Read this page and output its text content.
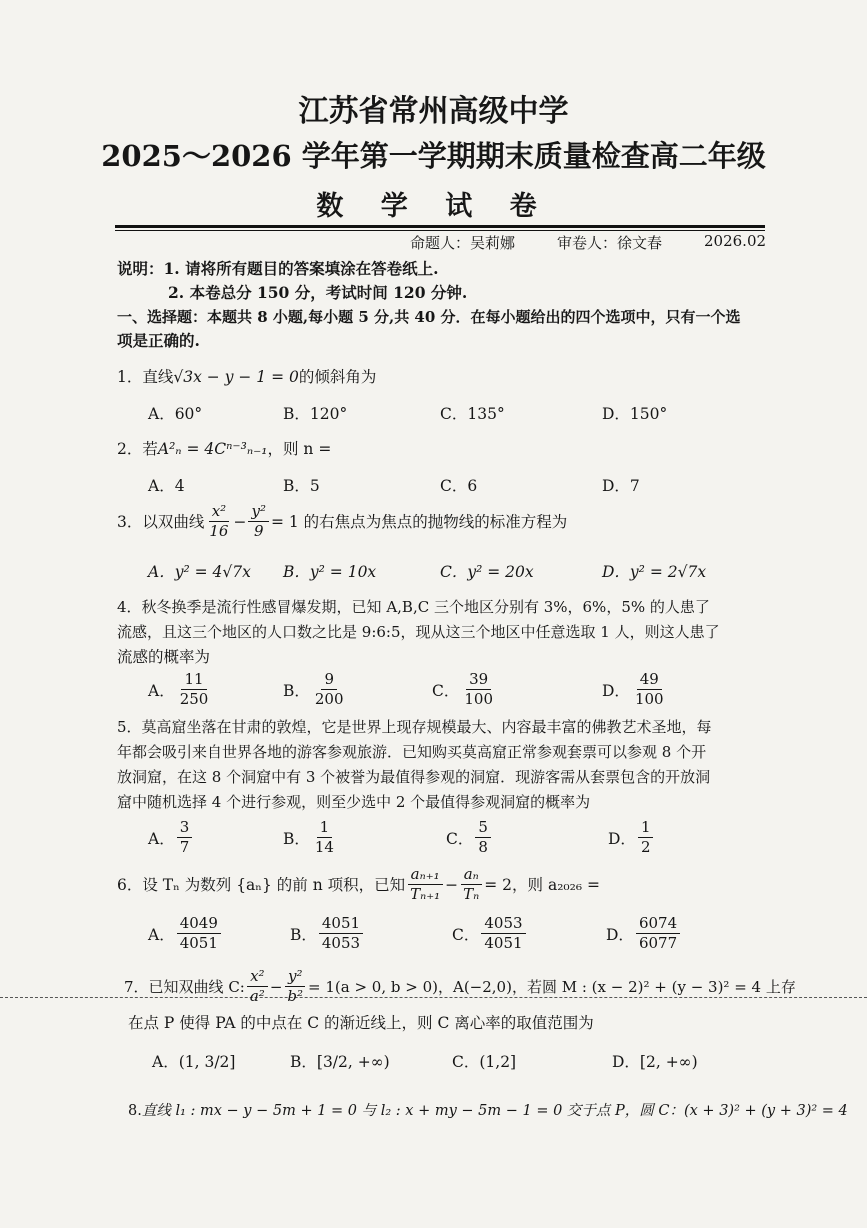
江苏省常州高级中学
2025～2026 学年第一学期期末质量检查高二年级
数 学 试 卷
命题人：吴莉娜	审卷人：徐文春	2026.02
说明：1. 请将所有题目的答案填涂在答卷纸上.
2. 本卷总分 150 分，考试时间 120 分钟.
一、选择题：本题共 8 小题,每小题 5 分,共 40 分．在每小题给出的四个选项中，只有一个选
项是正确的.
1． 直线 √3x − y − 1 = 0 的倾斜角为
A．60°	B．120°	C．135°	D．150°
2． 若 A²ₙ = 4Cⁿ⁻³ₙ₋₁ ，则 n =
A．4	B．5	C．6	D．7
3． 以双曲线 $\frac{\text{x²}}{16} - \frac{\text{y²}}{9} = 1$ 的右焦点为焦点的抛物线的标准方程为
A．y² = 4√7x B．y² = 10x	C．y² = 20x	D．y² = 2√7x
4．秋冬换季是流行性感冒爆发期，已知 A,B,C 三个地区分别有 3%，6%，5% 的人患了
流感，且这三个地区的人口数之比是 9:6:5，现从这三个地区中任意选取 1 人，则这人患了
流感的概率为
A． $\frac{11}{250}$	B． $\frac{9}{200}$	C． $\frac{39}{100}$	D． $\frac{49}{100}$
5．莫高窟坐落在甘肃的敦煌，它是世界上现存规模最大、内容最丰富的佛教艺术圣地，每
年都会吸引来自世界各地的游客参观旅游．已知购买莫高窟正常参观套票可以参观 8 个开
放洞窟，在这 8 个洞窟中有 3 个被誉为最值得参观的洞窟．现游客需从套票包含的开放洞
窟中随机选择 4 个进行参观，则至少选中 2 个最值得参观洞窟的概率为
A． $\frac{3}{7}$	B． $\frac{1}{14}$	C． $\frac{5}{8}$	D． $\frac{1}{2}$
6． 设 Tₙ 为数列 {aₙ} 的前 n 项积，已知 $\frac{\text{aₙ₊₁}}{\text{Tₙ₊₁}} - \frac{\text{aₙ}}{\text{Tₙ}} = 2$，则 a₂₀₂₆ =
A． $\frac{4049}{4051}$	B． $\frac{4051}{4053}$	C． $\frac{4053}{4051}$	D． $\frac{6074}{6077}$
7． 已知双曲线 C: $\frac{\text{x²}}{\text{a²}} - \frac{\text{y²}}{\text{b²}} = 1(a > 0$, b > 0)，A(−2,0)，若圆 M : (x − 2)² + (y − 3)² = 4 上存
在点 P 使得 PA 的中点在 C 的渐近线上，则 C 离心率的取值范围为
A．(1, 3/2]	B．[3/2, +∞)	C．(1,2]	D．[2, +∞)
8.直线 l₁ : mx − y − 5m + 1 = 0 与 l₂ : x + my − 5m − 1 = 0 交于点 P，圆 C：(x + 3)² + (y + 3)² = 4
